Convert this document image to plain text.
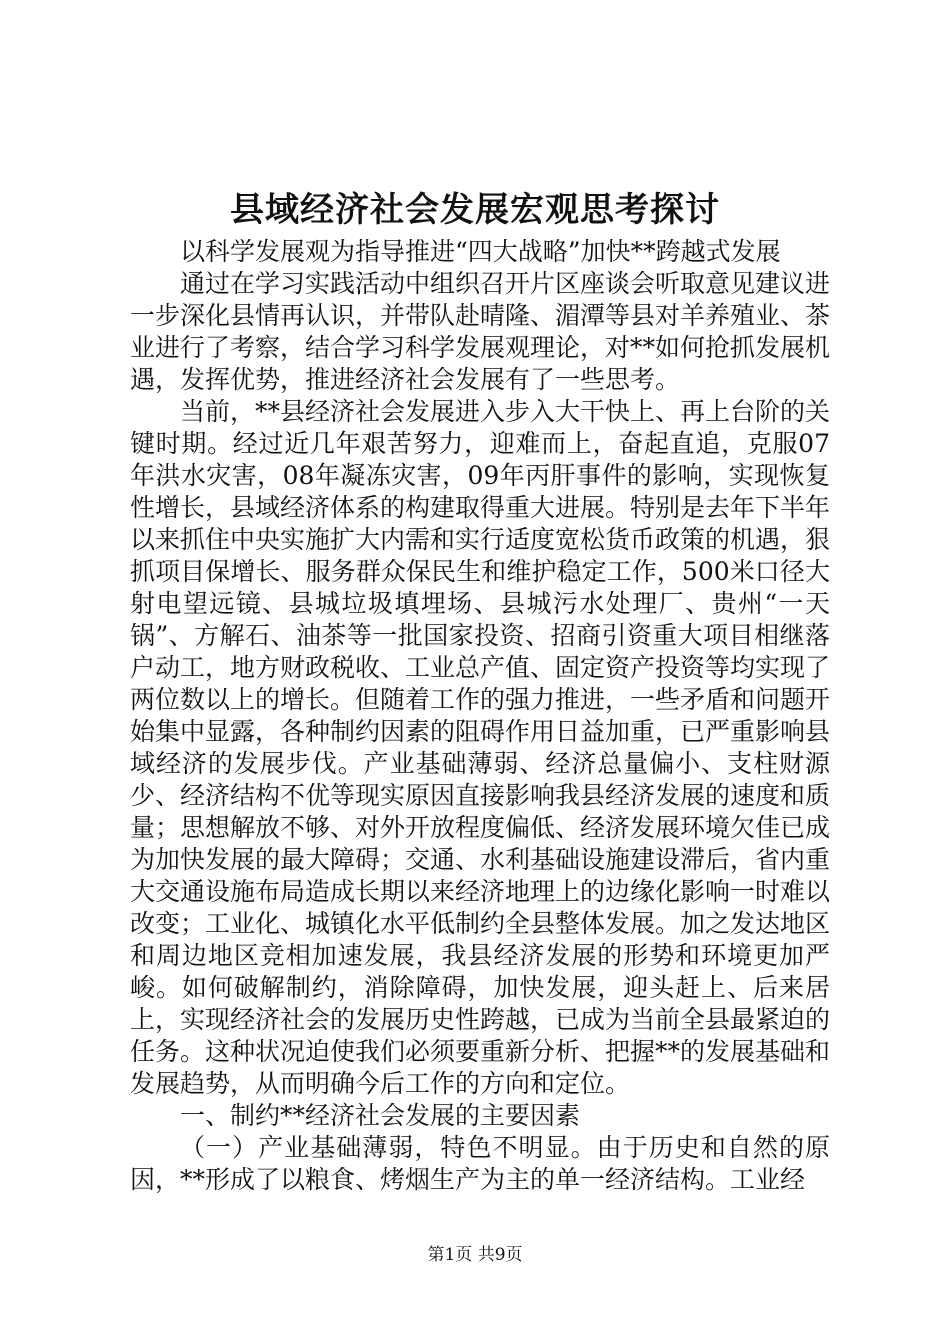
县域经济社会发展宏观思考探讨

以科学发展观为指导推进“四大战略”加快**跨越式发展

通过在学习实践活动中组织召开片区座谈会听取意见建议进一步深化县情再认识，并带队赴晴隆、湄潭等县对羊养殖业、茶业进行了考察，结合学习科学发展观理论，对**如何抢抓发展机遇，发挥优势，推进经济社会发展有了一些思考。

当前，**县经济社会发展进入步入大干快上、再上台阶的关键时期。经过近几年艰苦努力，迎难而上，奋起直追，克服07年洪水灾害，08年凝冻灾害，09年丙肝事件的影响，实现恢复性增长，县域经济体系的构建取得重大进展。特别是去年下半年以来抓住中央实施扩大内需和实行适度宽松货币政策的机遇，狠抓项目保增长、服务群众保民生和维护稳定工作，500米口径大射电望远镜、县城垃圾填埋场、县城污水处理厂、贵州“一天锅”、方解石、油茶等一批国家投资、招商引资重大项目相继落户动工，地方财政税收、工业总产值、固定资产投资等均实现了两位数以上的增长。但随着工作的强力推进，一些矛盾和问题开始集中显露，各种制约因素的阻碍作用日益加重，已严重影响县域经济的发展步伐。产业基础薄弱、经济总量偏小、支柱财源少、经济结构不优等现实原因直接影响我县经济发展的速度和质量；思想解放不够、对外开放程度偏低、经济发展环境欠佳已成为加快发展的最大障碍；交通、水利基础设施建设滞后，省内重大交通设施布局造成长期以来经济地理上的边缘化影响一时难以改变；工业化、城镇化水平低制约全县整体发展。加之发达地区和周边地区竞相加速发展，我县经济发展的形势和环境更加严峻。如何破解制约，消除障碍，加快发展，迎头赶上、后来居上，实现经济社会的发展历史性跨越，已成为当前全县最紧迫的任务。这种状况迫使我们必须要重新分析、把握**的发展基础和发展趋势，从而明确今后工作的方向和定位。

一、制约**经济社会发展的主要因素

（一）产业基础薄弱，特色不明显。由于历史和自然的原因，**形成了以粮食、烤烟生产为主的单一经济结构。工业经

第1页 共9页
